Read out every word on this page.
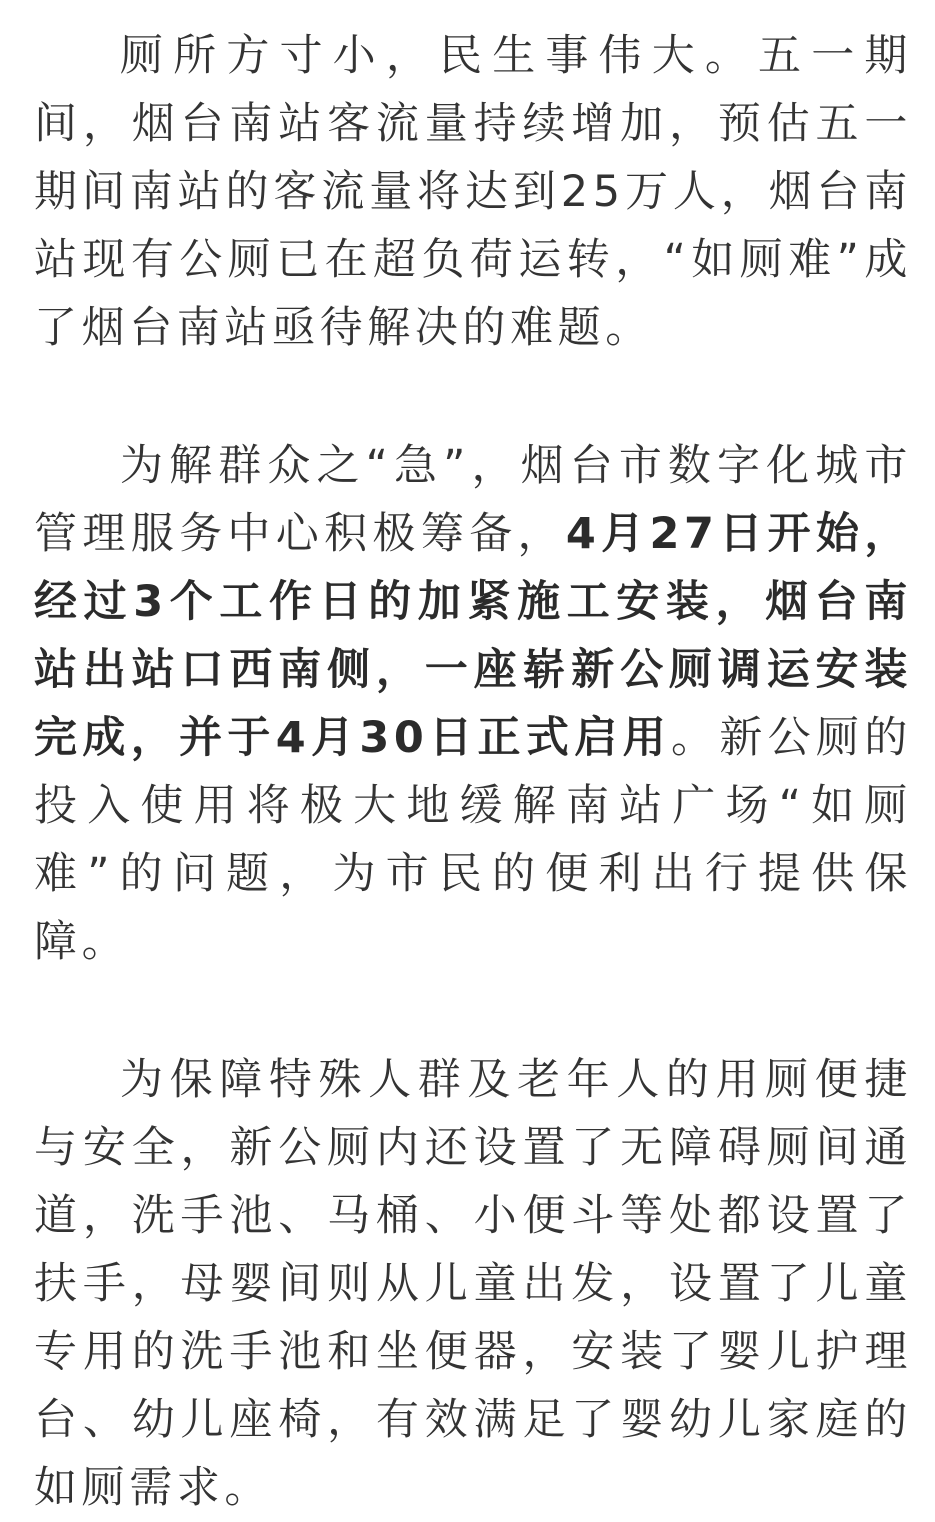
厕所方寸小，民生事伟大。五一期间，烟台南站客流量持续增加，预估五一期间南站的客流量将达到25万人，烟台南站现有公厕已在超负荷运转，“如厕难”成了烟台南站亟待解决的难题。

为解群众之“急”，烟台市数字化城市管理服务中心积极筹备，4月27日开始，经过3个工作日的加紧施工安装，烟台南站出站口西南侧，一座崭新公厕调运安装完成，并于4月30日正式启用。新公厕的投入使用将极大地缓解南站广场“如厕难”的问题，为市民的便利出行提供保障。

为保障特殊人群及老年人的用厕便捷与安全，新公厕内还设置了无障碍厕间通道，洗手池、马桶、小便斗等处都设置了扶手，母婴间则从儿童出发，设置了儿童专用的洗手池和坐便器，安装了婴儿护理台、幼儿座椅，有效满足了婴幼儿家庭的如厕需求。
